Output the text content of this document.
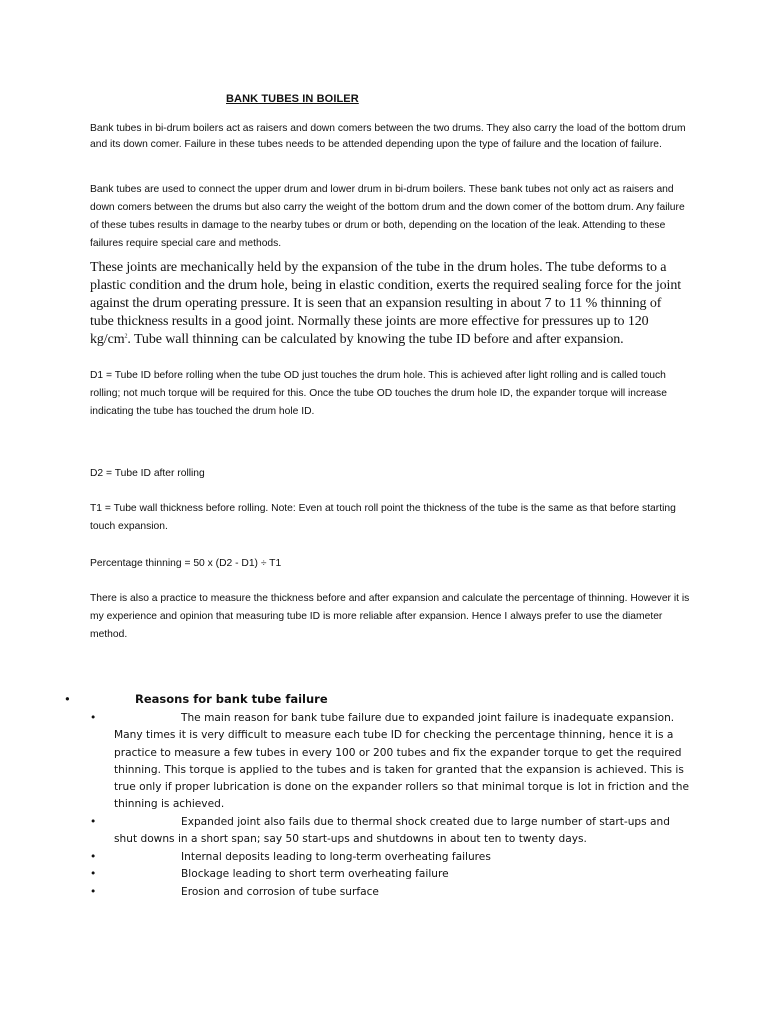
BANK TUBES IN BOILER
Bank tubes in bi-drum boilers act as raisers and down comers between the two drums. They also carry the load of the bottom drum and its down comer. Failure in these tubes needs to be attended depending upon the type of failure and the location of failure.
Bank tubes are used to connect the upper drum and lower drum in bi-drum boilers. These bank tubes not only act as raisers and down comers between the drums but also carry the weight of the bottom drum and the down comer of the bottom drum. Any failure of these tubes results in damage to the nearby tubes or drum or both, depending on the location of the leak. Attending to these failures require special care and methods.
These joints are mechanically held by the expansion of the tube in the drum holes. The tube deforms to a plastic condition and the drum hole, being in elastic condition, exerts the required sealing force for the joint against the drum operating pressure. It is seen that an expansion resulting in about 7 to 11 % thinning of tube thickness results in a good joint. Normally these joints are more effective for pressures up to 120 $kg/cm^2$. Tube wall thinning can be calculated by knowing the tube ID before and after expansion.
D1 = Tube ID before rolling when the tube OD just touches the drum hole. This is achieved after light rolling and is called touch rolling; not much torque will be required for this. Once the tube OD touches the drum hole ID, the expander torque will increase indicating the tube has touched the drum hole ID.
D2 = Tube ID after rolling
T1 = Tube wall thickness before rolling. Note: Even at touch roll point the thickness of the tube is the same as that before starting touch expansion.
Percentage thinning = 50 x (D2 - D1) ÷ T1
There is also a practice to measure the thickness before and after expansion and calculate the percentage of thinning. However it is my experience and opinion that measuring tube ID is more reliable after expansion. Hence I always prefer to use the diameter method.
•	Reasons for bank tube failure
•	The main reason for bank tube failure due to expanded joint failure is inadequate expansion. Many times it is very difficult to measure each tube ID for checking the percentage thinning, hence it is a practice to measure a few tubes in every 100 or 200 tubes and fix the expander torque to get the required thinning. This torque is applied to the tubes and is taken for granted that the expansion is achieved. This is true only if proper lubrication is done on the expander rollers so that minimal torque is lot in friction and the thinning is achieved.
•	Expanded joint also fails due to thermal shock created due to large number of start-ups and shut downs in a short span; say 50 start-ups and shutdowns in about ten to twenty days.
•	Internal deposits leading to long-term overheating failures
•	Blockage leading to short term overheating failure
•	Erosion and corrosion of tube surface
